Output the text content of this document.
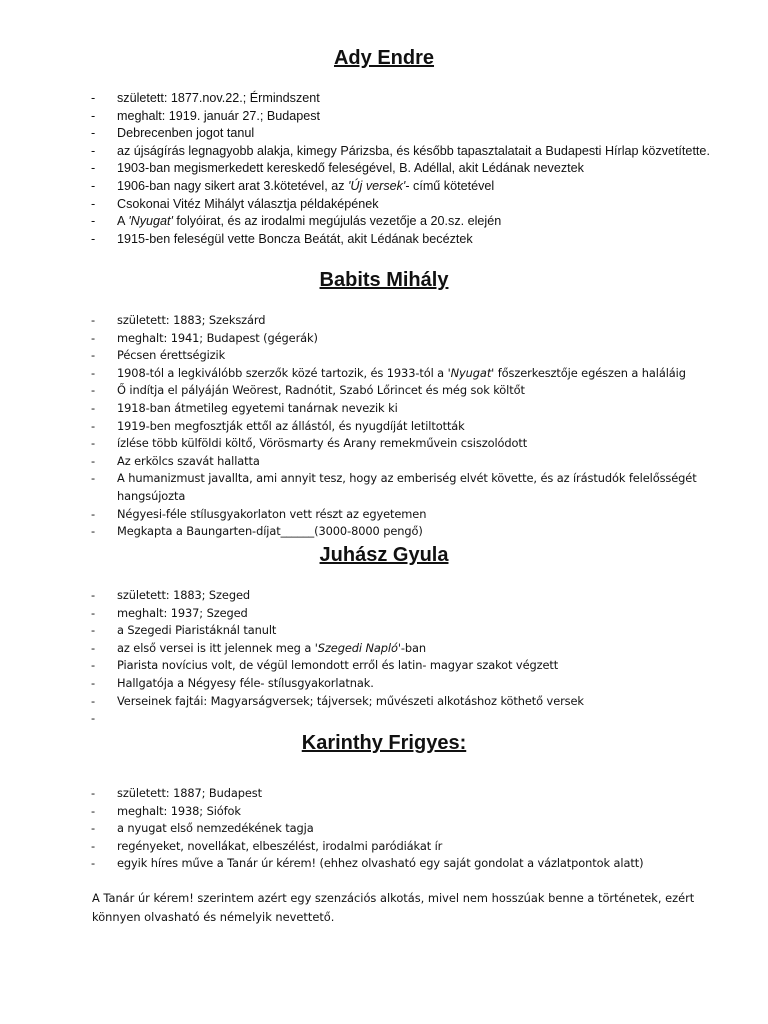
Ady Endre
- született: 1877.nov.22.; Érmindszent
- meghalt: 1919. január 27.; Budapest
- Debrecenben jogot tanul
- az újságírás legnagyobb alakja, kimegy Párizsba, és később tapasztalatait a Budapesti Hírlap közvetítette.
- 1903-ban megismerkedett kereskedő feleségével, B. Adéllal, akit Lédának neveztek
- 1906-ban nagy sikert arat 3.kötetével, az 'Új versek'- című kötetével
- Csokonai Vitéz Mihályt választja példaképének
- A 'Nyugat' folyóirat, és az irodalmi megújulás vezetője a 20.sz. elején
- 1915-ben feleségül vette Boncza Beátát, akit Lédának becéztek
Babits Mihály
- született: 1883; Szekszárd
- meghalt: 1941; Budapest (gégerák)
- Pécsen érettségizik
- 1908-tól a legkiválóbb szerzők közé tartozik, és 1933-tól a 'Nyugat' főszerkesztője egészen a haláláig
- Ő indítja el pályáján Weörest, Radnótit, Szabó Lőrincet és még sok költőt
- 1918-ban átmetileg egyetemi tanárnak nevezik ki
- 1919-ben megfosztják ettől az állástól, és nyugdíját letiltották
- ízlése több külföldi költő, Vörösmarty és Arany remekművein csiszolódott
- Az erkölcs szavát hallatta
- A humanizmust javallta, ami annyit tesz, hogy az emberiség elvét követte, és az írástudók felelősségét hangsújozta
- Négyesi-féle stílusgyakorlaton vett részt az egyetemen
- Megkapta a Baungarten-díjat______(3000-8000 pengő)
Juhász Gyula
- született: 1883; Szeged
- meghalt: 1937; Szeged
- a Szegedi Piaristáknál tanult
- az első versei is itt jelennek meg a 'Szegedi Napló'-ban
- Piarista novícius volt, de végül lemondott erről és latin- magyar szakot végzett
- Hallgatója a Négyesy féle- stílusgyakorlatnak.
- Verseinek fajtái: Magyarságversek; tájversek; művészeti alkotáshoz köthető versek
-
Karinthy Frigyes:
- született: 1887; Budapest
- meghalt: 1938; Siófok
- a nyugat első nemzedékének tagja
- regényeket, novellákat, elbeszélést, irodalmi paródiákat ír
- egyik híres műve a Tanár úr kérem! (ehhez olvasható egy saját gondolat a vázlatpontok alatt)

A Tanár úr kérem! szerintem azért egy szenzációs alkotás, mivel nem hosszúak benne a történetek, ezért könnyen olvasható és némelyik nevettető.
